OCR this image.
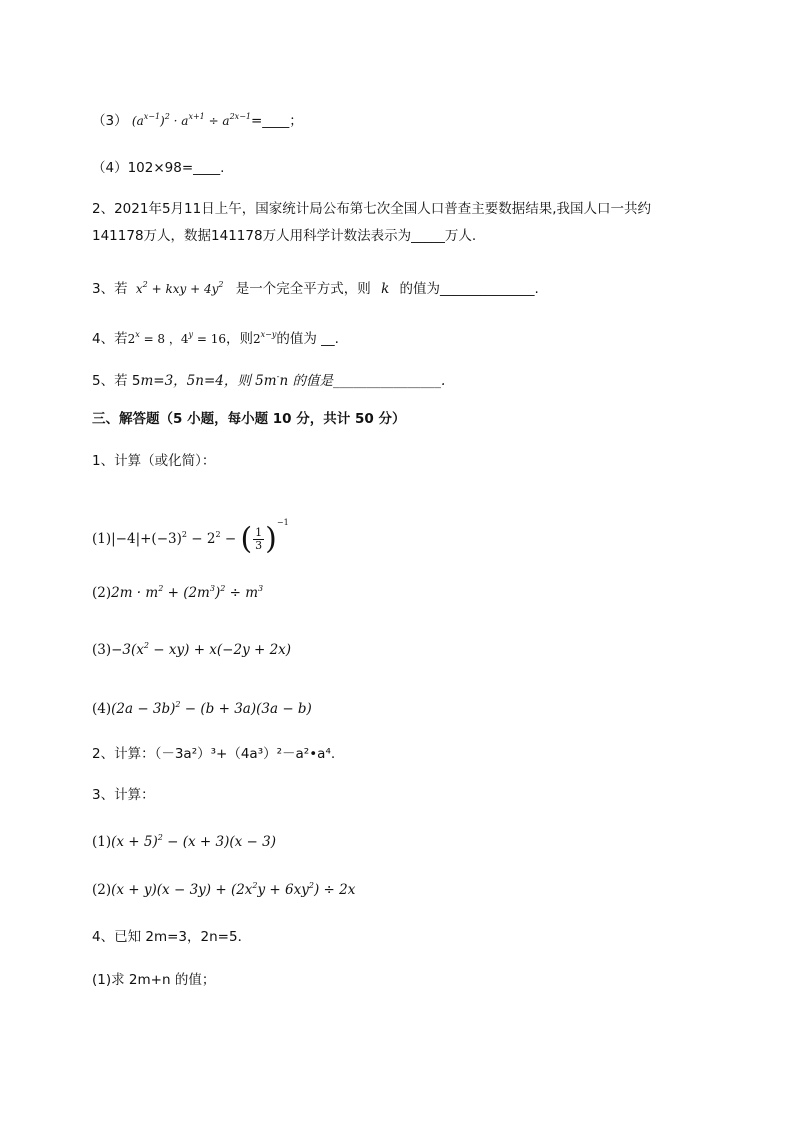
（3） $(a^{x-1})^2 \cdot a^{x+1}$ ÷ $a^{2x-1}=\_\_\_\_$；
（4）102×98=____.
2、2021年5月11日上午，国家统计局公布第七次全国人口普查主要数据结果,我国人口一共约
141178万人，数据141178万人用科学计数法表示为_____万人.
3、若 $x^2$ + kxy + $4y^2$ 是一个完全平方式，则 k 的值为______________.
4、若$2^x = 8$ ，$4^y = 16$，则$2^{x-y}$的值为 __.
5、若 5m=3，5n=4，则 5m-n 的值是________________.
三、解答题（5 小题，每小题 10 分，共计 50 分）
1、计算（或化简）：
$(1)|-4|+(-3)^2 - 2^2$ − ( $\frac{1}{3} )^{-1}$
$(2)2m \cdot m^2 + (2m^3)^2 \div m^3$
$(3)-3(x^2 - xy) + x(-2y + 2x)$
$(4)(2a - 3b)^2 - (b + 3a)(3a - b)$
2、计算：（－3a²）³+（4a³）²－a²•a⁴.
3、计算：
$(1)(x + 5)^2 - (x + 3)(x - 3)$
$(2)(x + y)(x - 3y) + (2x^2y + 6xy^2) \div 2x$
4、已知 2m=3，2n=5．
(1)求 2m+n 的值；
